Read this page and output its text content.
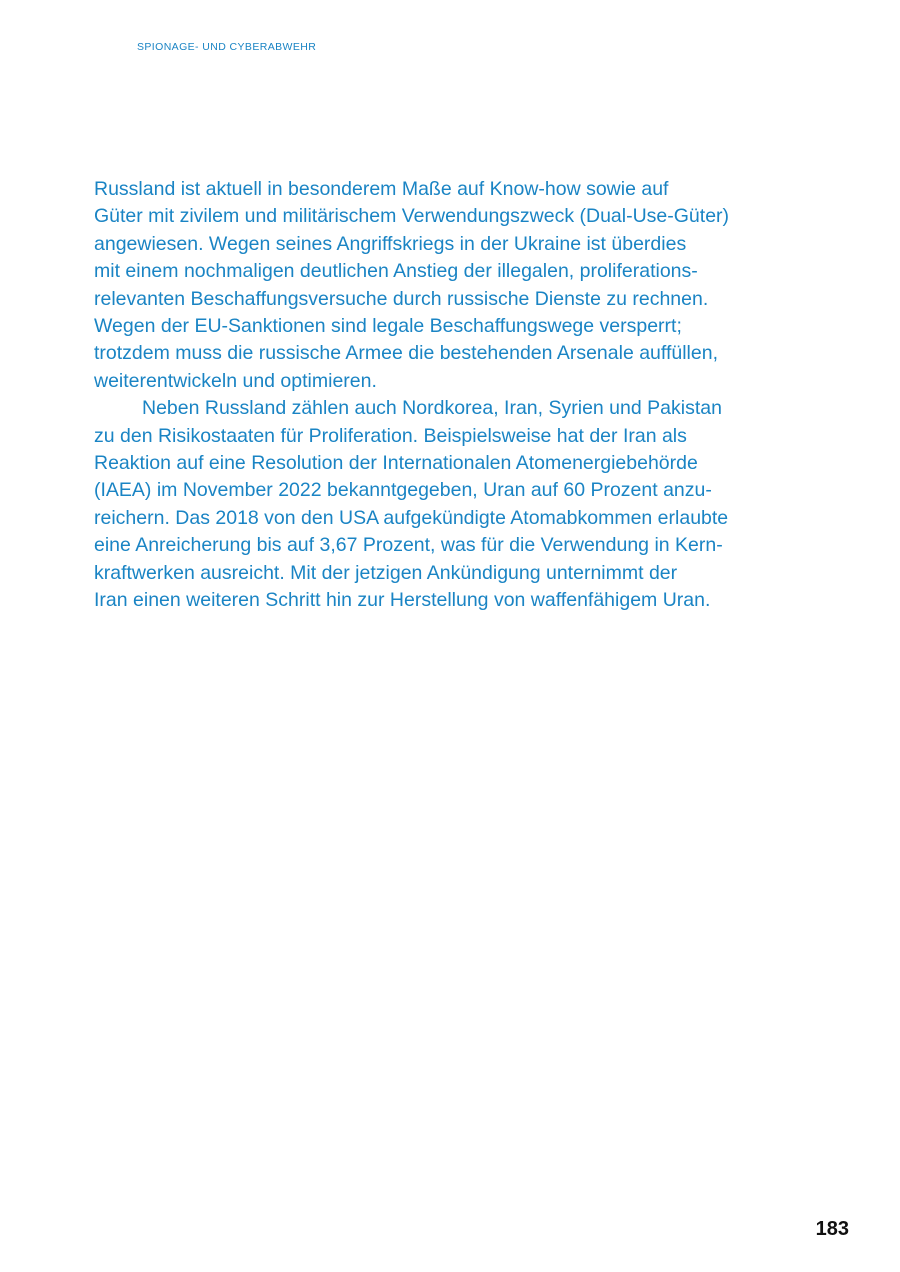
SPIONAGE- UND CYBERABWEHR
Russland ist aktuell in besonderem Maße auf Know-how sowie auf
Güter mit zivilem und militärischem Verwendungszweck (Dual-Use-Güter)
angewiesen. Wegen seines Angriffskriegs in der Ukraine ist überdies
mit einem nochmaligen deutlichen Anstieg der illegalen, proliferations-
relevanten Beschaffungsversuche durch russische Dienste zu rechnen.
Wegen der EU-Sanktionen sind legale Beschaffungswege versperrt;
trotzdem muss die russische Armee die bestehenden Arsenale auffüllen,
weiterentwickeln und optimieren.
Neben Russland zählen auch Nordkorea, Iran, Syrien und Pakistan
zu den Risikostaaten für Proliferation. Beispielsweise hat der Iran als
Reaktion auf eine Resolution der Internationalen Atomenergiebehörde
(IAEA) im November 2022 bekanntgegeben, Uran auf 60 Prozent anzu-
reichern. Das 2018 von den USA aufgekündigte Atomabkommen erlaubte
eine Anreicherung bis auf 3,67 Prozent, was für die Verwendung in Kern-
kraftwerken ausreicht. Mit der jetzigen Ankündigung unternimmt der
Iran einen weiteren Schritt hin zur Herstellung von waffenfähigem Uran.
183
